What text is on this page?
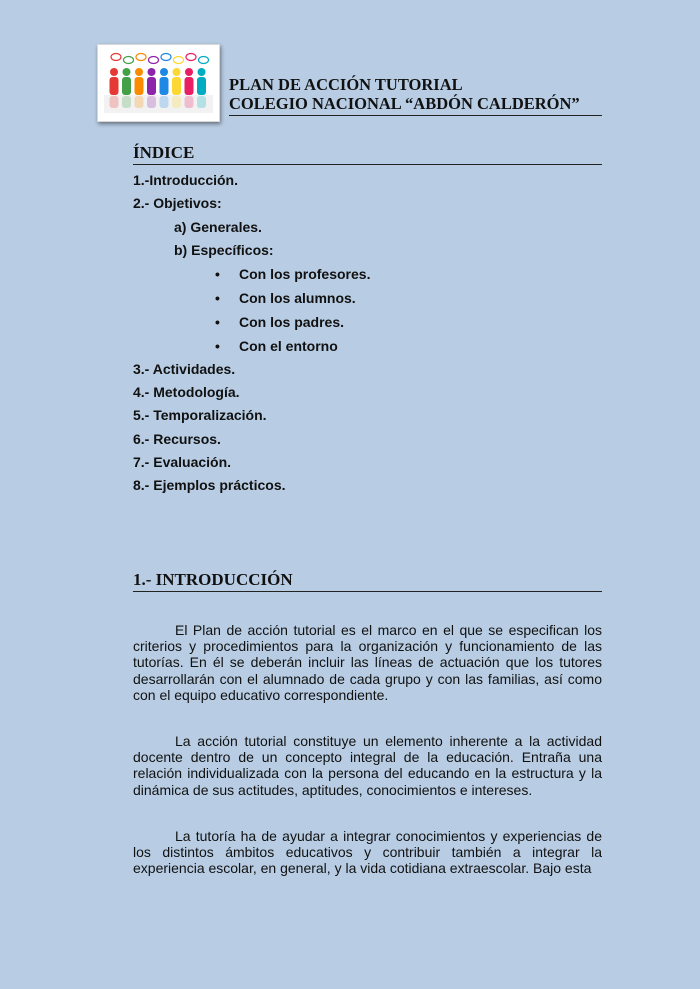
PLAN DE ACCIÓN TUTORIAL
COLEGIO NACIONAL “ABDÓN CALDERÓN”
ÍNDICE
1.-Introducción.
2.- Objetivos:
a) Generales.
b) Específicos:
• Con los profesores.
• Con los alumnos.
• Con los padres.
• Con el entorno
3.- Actividades.
4.- Metodología.
5.- Temporalización.
6.- Recursos.
7.- Evaluación.
8.- Ejemplos prácticos.
1.- INTRODUCCIÓN

El Plan de acción tutorial es el marco en el que se especifican los criterios y procedimientos para la organización y funcionamiento de las tutorías. En él se deberán incluir las líneas de actuación que los tutores desarrollarán con el alumnado de cada grupo y con las familias, así como con el equipo educativo correspondiente.

La acción tutorial constituye un elemento inherente a la actividad docente dentro de un concepto integral de la educación. Entraña una relación individualizada con la persona del educando en la estructura y la dinámica de sus actitudes, aptitudes, conocimientos e intereses.

La tutoría ha de ayudar a integrar conocimientos y experiencias de los distintos ámbitos educativos y contribuir también a integrar la experiencia escolar, en general, y la vida cotidiana extraescolar. Bajo esta
